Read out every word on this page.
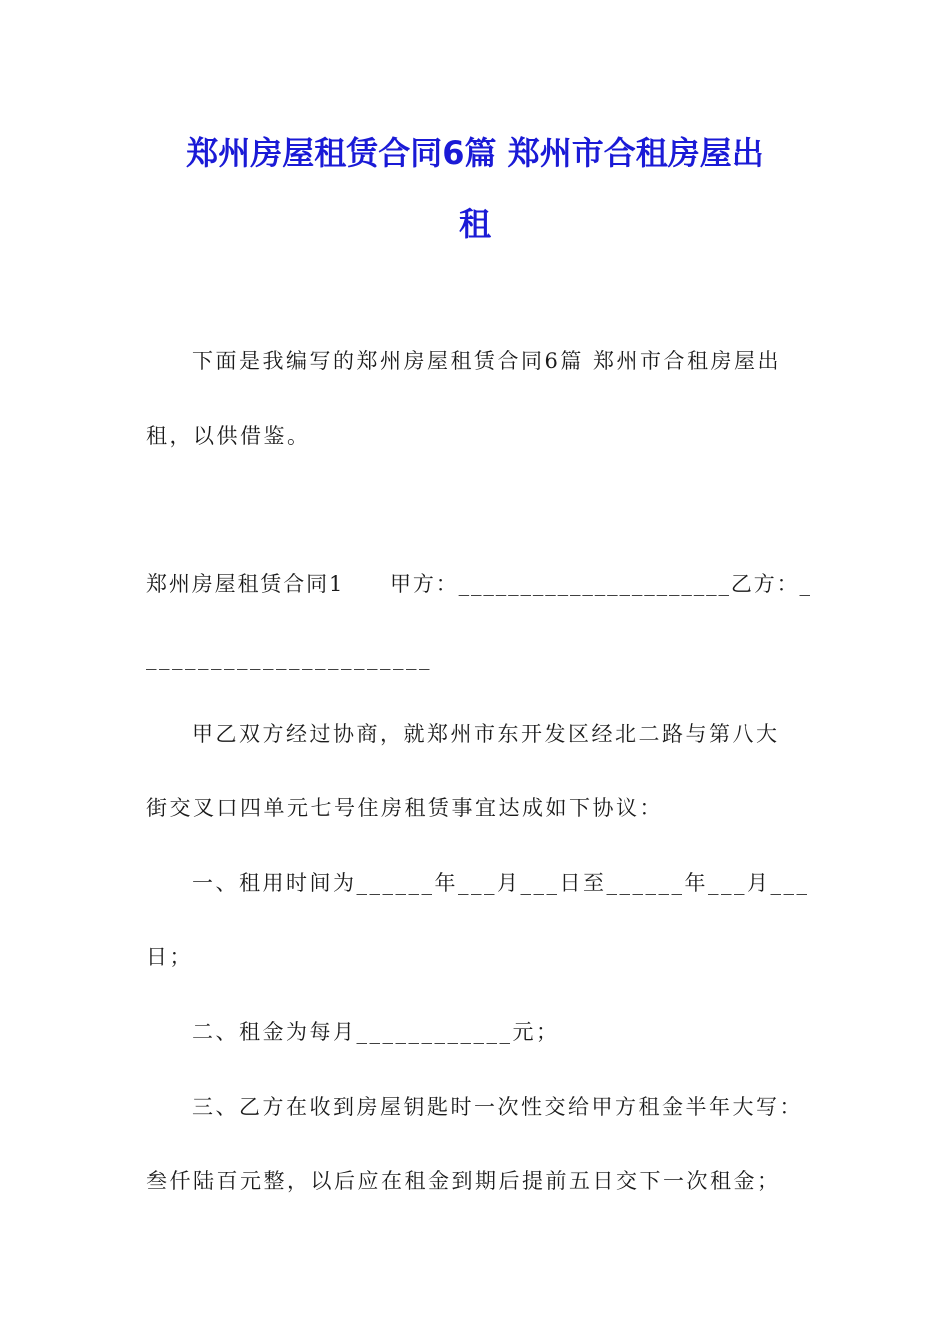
郑州房屋租赁合同6篇 郑州市合租房屋出
租
下面是我编写的郑州房屋租赁合同6篇 郑州市合租房屋出
租，以供借鉴。
郑州房屋租赁合同1　　甲方：______________________乙方：_
______________________
甲乙双方经过协商，就郑州市东开发区经北二路与第八大
街交叉口四单元七号住房租赁事宜达成如下协议：
一、租用时间为______年___月___日至______年___月___
日；
二、租金为每月____________元；
三、乙方在收到房屋钥匙时一次性交给甲方租金半年大写：
叁仟陆百元整，以后应在租金到期后提前五日交下一次租金；
